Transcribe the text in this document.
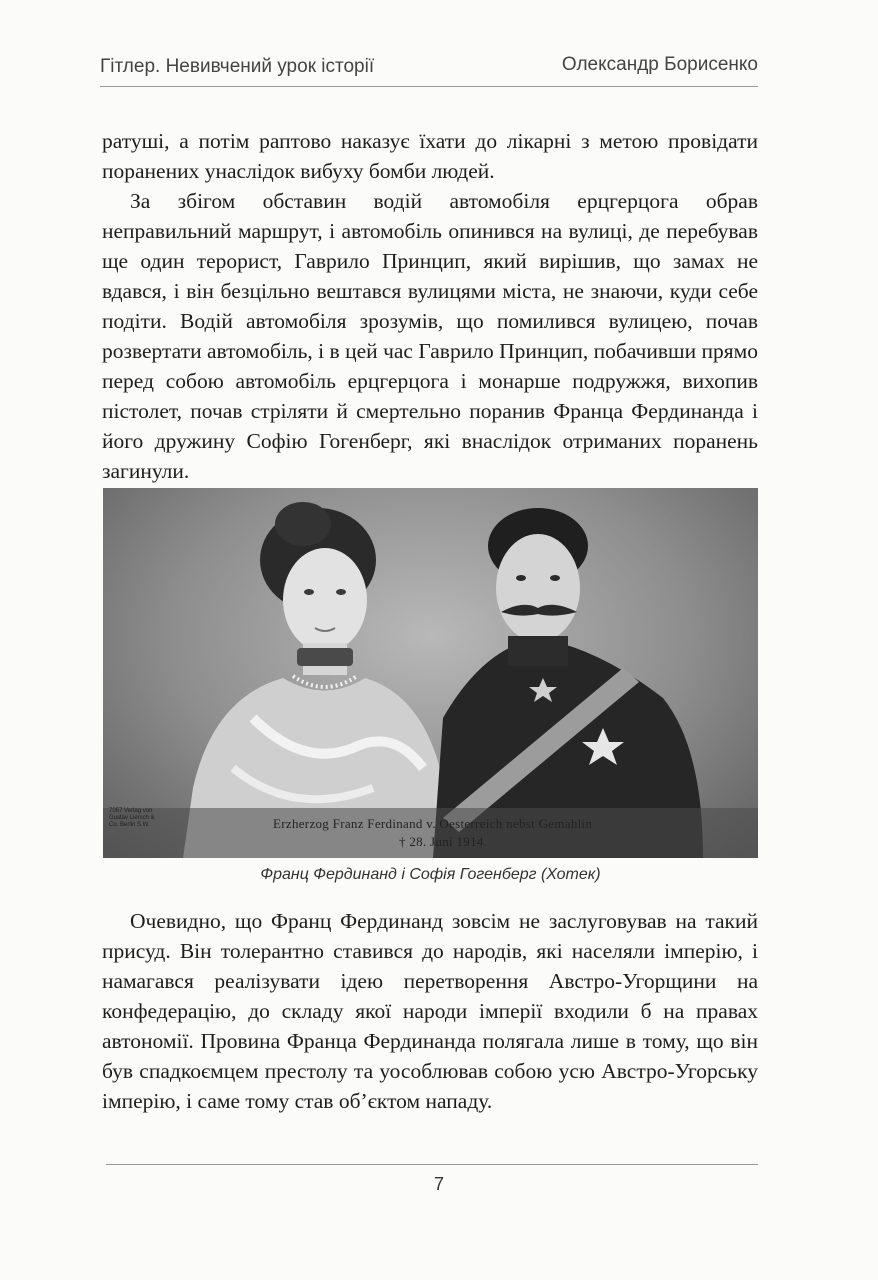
Гітлер. Невивчений урок історії	Олександр Борисенко

ратуші, а потім раптово наказує їхати до лікарні з метою провідати поранених унаслідок вибуху бомби людей.

За збігом обставин водій автомобіля ерцгерцога обрав неправильний маршрут, і автомобіль опинився на вулиці, де перебував ще один терорист, Гаврило Принцип, який вирішив, що замах не вдався, і він безцільно вештався вулицями міста, не знаючи, куди себе подіти. Водій автомобіля зрозумів, що помилився вулицею, почав розвертати автомобіль, і в цей час Гаврило Принцип, побачивши прямо перед собою автомобіль ерцгерцога і монарше подружжя, вихопив пістолет, почав стріляти й смертельно поранив Франца Фердинанда і його дружину Софію Гогенберг, які внаслідок отриманих поранень загинули.

Erzherzog Franz Ferdinand v. Oesterreich nebst Gemahlin
† 28. Juni 1914.
7057 Verlag von Gustav Liersch & Co. Berlin S.W.
Франц Фердинанд і Софія Гогенберг (Хотек)

Очевидно, що Франц Фердинанд зовсім не заслуговував на такий присуд. Він толерантно ставився до народів, які населяли імперію, і намагався реалізувати ідею перетворення Австро-Угорщини на конфедерацію, до складу якої народи імперії входили б на правах автономії. Провина Франца Фердинанда полягала лише в тому, що він був спадкоємцем престолу та уособлював собою усю Австро-Угорську імперію, і саме тому став об’єктом нападу.

7
